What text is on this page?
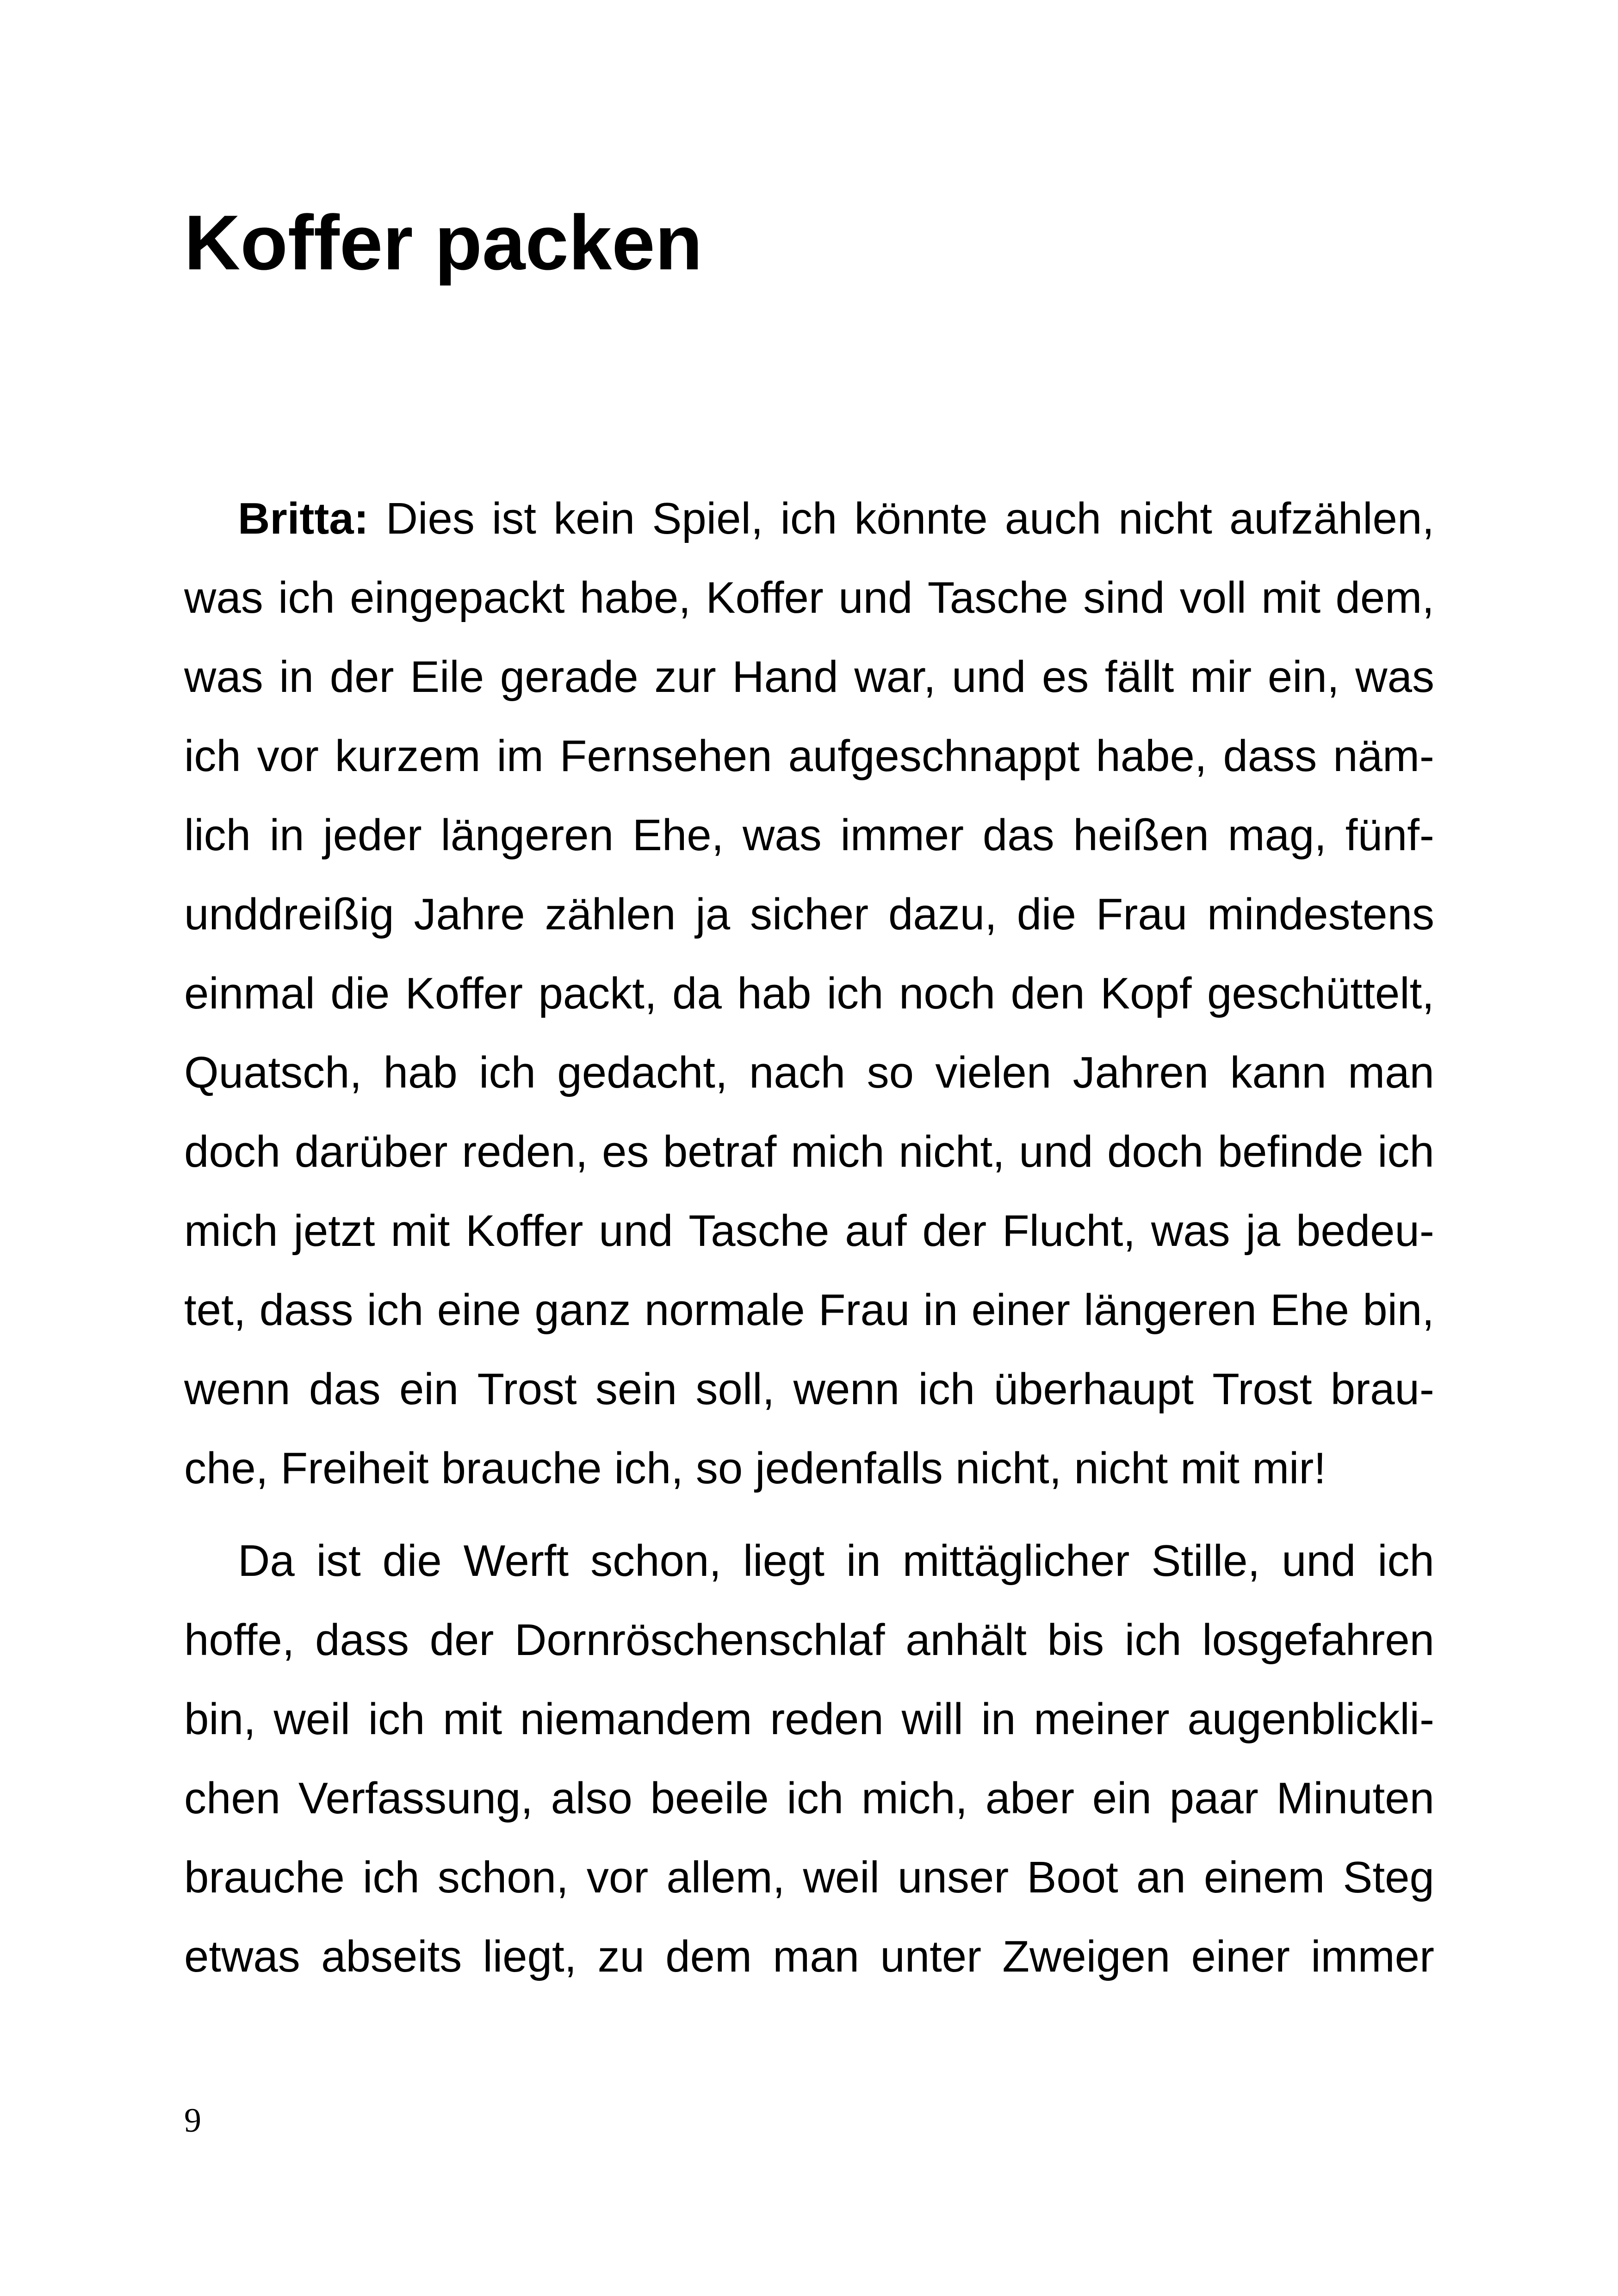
Koffer packen
Britta: Dies ist kein Spiel, ich könnte auch nicht aufzählen,
was ich eingepackt habe, Koffer und Tasche sind voll mit dem,
was in der Eile gerade zur Hand war, und es fällt mir ein, was
ich vor kurzem im Fernsehen aufgeschnappt habe, dass näm-
lich in jeder längeren Ehe, was immer das heißen mag, fünf-
unddreißig Jahre zählen ja sicher dazu, die Frau mindestens
einmal die Koffer packt, da hab ich noch den Kopf geschüttelt,
Quatsch, hab ich gedacht, nach so vielen Jahren kann man
doch darüber reden, es betraf mich nicht, und doch befinde ich
mich jetzt mit Koffer und Tasche auf der Flucht, was ja bedeu-
tet, dass ich eine ganz normale Frau in einer längeren Ehe bin,
wenn das ein Trost sein soll, wenn ich überhaupt Trost brau-
che, Freiheit brauche ich, so jedenfalls nicht, nicht mit mir!
Da ist die Werft schon, liegt in mittäglicher Stille, und ich
hoffe, dass der Dornröschenschlaf anhält bis ich losgefahren
bin, weil ich mit niemandem reden will in meiner augenblickli-
chen Verfassung, also beeile ich mich, aber ein paar Minuten
brauche ich schon, vor allem, weil unser Boot an einem Steg
etwas abseits liegt, zu dem man unter Zweigen einer immer
9
